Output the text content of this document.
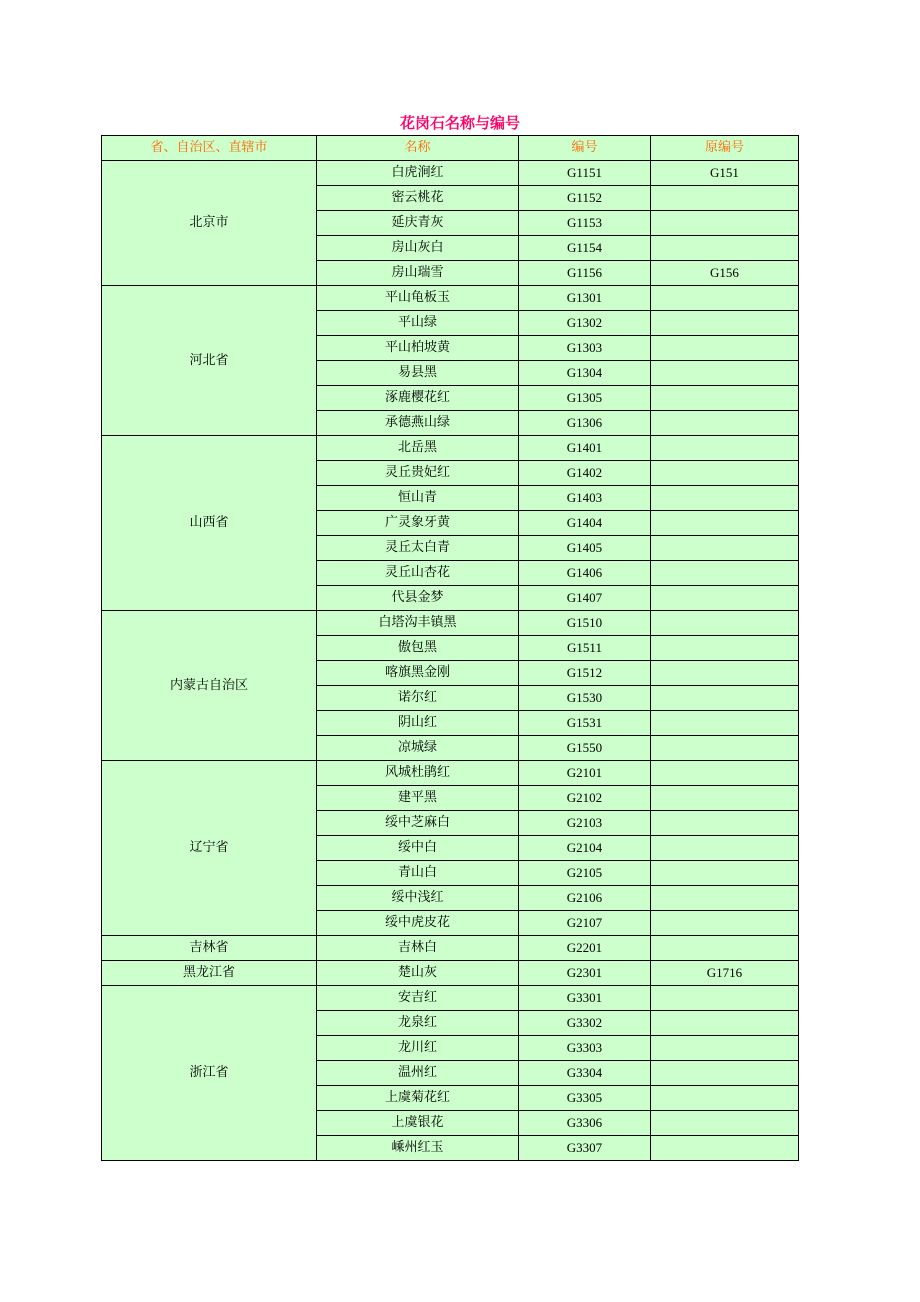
花岗石名称与编号
省、自治区、直辖市	名称	编号	原编号
北京市	白虎涧红	G1151	G151
	密云桃花	G1152	
	延庆青灰	G1153	
	房山灰白	G1154	
	房山瑞雪	G1156	G156
河北省	平山龟板玉	G1301	
	平山绿	G1302	
	平山柏坡黄	G1303	
	易县黑	G1304	
	涿鹿樱花红	G1305	
	承德燕山绿	G1306	
山西省	北岳黑	G1401	
	灵丘贵妃红	G1402	
	恒山青	G1403	
	广灵象牙黄	G1404	
	灵丘太白青	G1405	
	灵丘山杏花	G1406	
	代县金梦	G1407	
内蒙古自治区	白塔沟丰镇黑	G1510	
	傲包黑	G1511	
	喀旗黑金刚	G1512	
	诺尔红	G1530	
	阴山红	G1531	
	凉城绿	G1550	
辽宁省	风城杜鹃红	G2101	
	建平黑	G2102	
	绥中芝麻白	G2103	
	绥中白	G2104	
	青山白	G2105	
	绥中浅红	G2106	
	绥中虎皮花	G2107	
吉林省	吉林白	G2201	
黑龙江省	楚山灰	G2301	G1716
浙江省	安吉红	G3301	
	龙泉红	G3302	
	龙川红	G3303	
	温州红	G3304	
	上虞菊花红	G3305	
	上虞银花	G3306	
	嵊州红玉	G3307	
